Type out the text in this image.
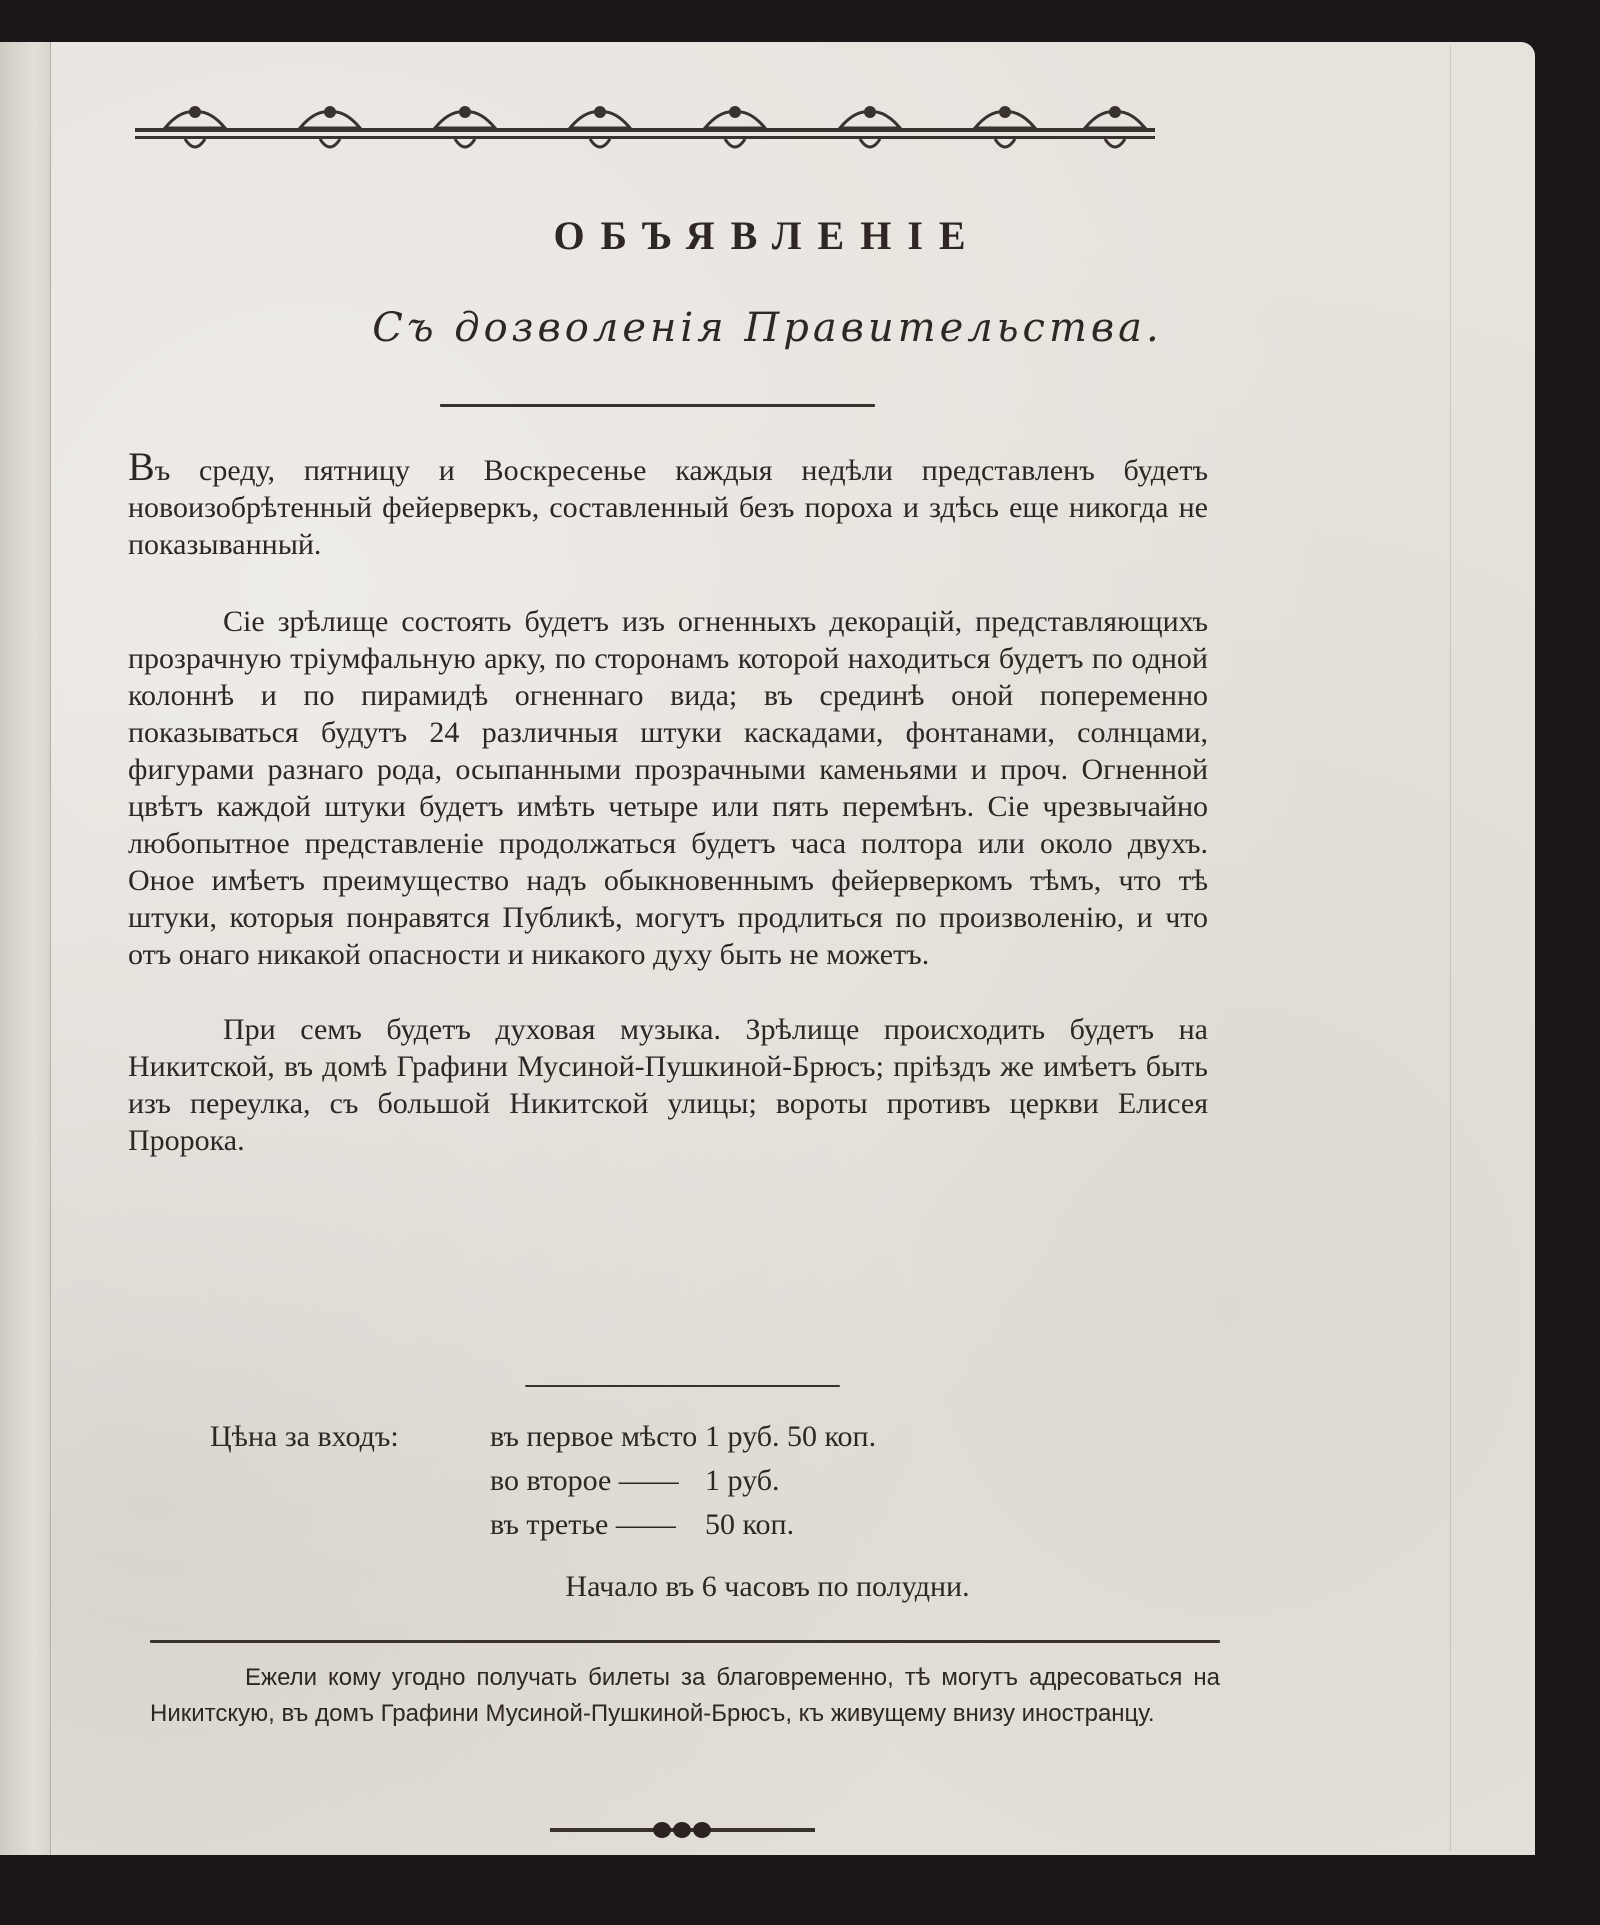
ОБЪЯВЛЕНІЕ
Съ дозволенія Правительства.

Въ среду, пятницу и Воскресенье каждыя недѣли представленъ будетъ новоизобрѣтенный фейерверкъ, составленный безъ пороха и здѣсь еще никогда не показыванный.

Сіе зрѣлище состоять будетъ изъ огненныхъ декорацій, представляющихъ прозрачную тріумфальную арку, по сторонамъ которой находиться будетъ по одной колоннѣ и по пирамидѣ огненнаго вида; въ срединѣ оной попеременно показываться будутъ 24 различныя штуки каскадами, фонтанами, солнцами, фигурами разнаго рода, осыпанными прозрачными каменьями и проч. Огненной цвѣтъ каждой штуки будетъ имѣть четыре или пять перемѣнъ. Сіе чрезвычайно любопытное представленіе продолжаться будетъ часа полтора или около двухъ. Оное имѣетъ преимущество надъ обыкновеннымъ фейерверкомъ тѣмъ, что тѣ штуки, которыя понравятся Публикѣ, могутъ продлиться по произволенію, и что отъ онаго никакой опасности и никакого духу быть не можетъ.

При семъ будетъ духовая музыка. Зрѣлище происходить будетъ на Никитской, въ домѣ Графини Мусиной-Пушкиной-Брюсъ; пріѣздъ же имѣетъ быть изъ переулка, съ большой Никитской улицы; вороты противъ церкви Елисея Пророка.

Цѣна за входъ:	въ первое мѣсто 1 руб. 50 коп.
во второе —— 1 руб.
въ третье —— 50 коп.
Начало въ 6 часовъ по полудни.

Ежели кому угодно получать билеты за благовременно, тѣ могутъ адресоваться на Никитскую, въ домъ Графини Мусиной-Пушкиной-Брюсъ, къ живущему внизу иностранцу.
